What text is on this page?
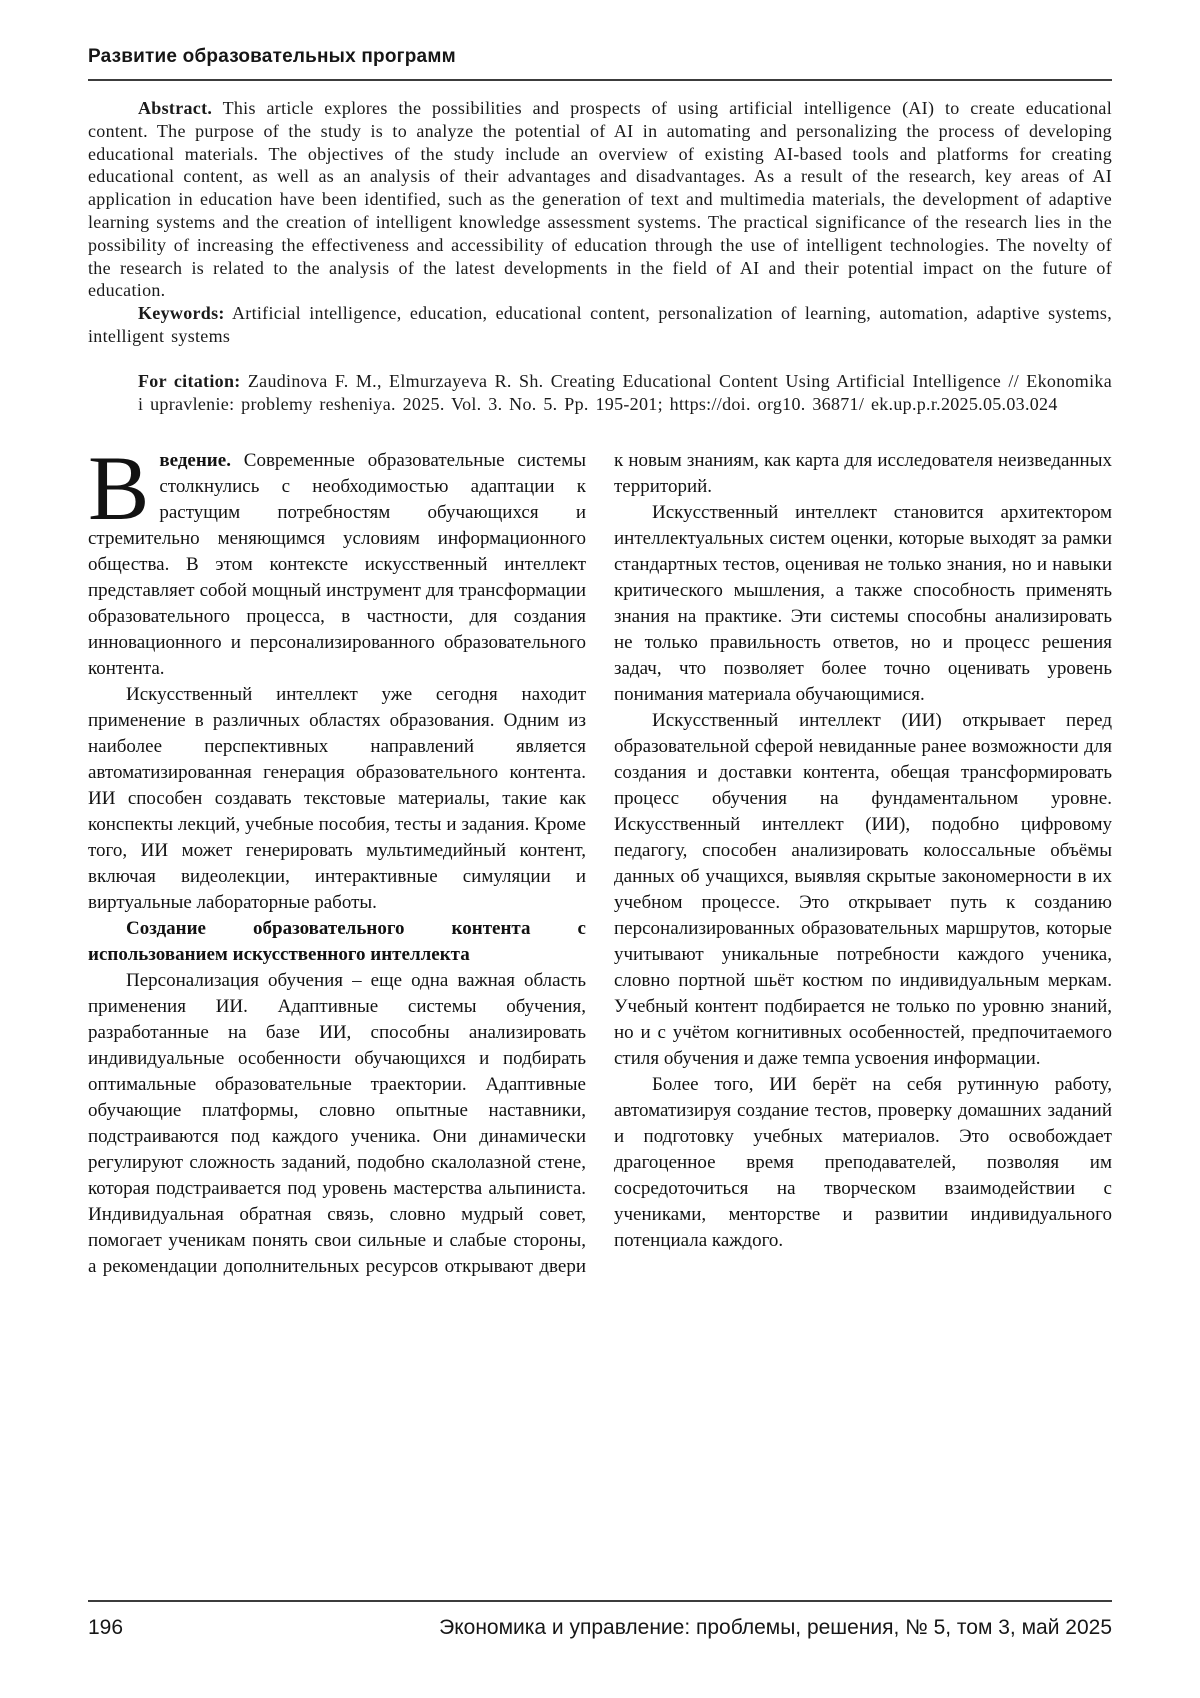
Развитие образовательных программ

Abstract. This article explores the possibilities and prospects of using artificial intelligence (AI) to create educational content. The purpose of the study is to analyze the potential of AI in automating and personalizing the process of developing educational materials. The objectives of the study include an overview of existing AI-based tools and platforms for creating educational content, as well as an analysis of their advantages and disadvantages. As a result of the research, key areas of AI application in education have been identified, such as the generation of text and multimedia materials, the development of adaptive learning systems and the creation of intelligent knowledge assessment systems. The practical significance of the research lies in the possibility of increasing the effectiveness and accessibility of education through the use of intelligent technologies. The novelty of the research is related to the analysis of the latest developments in the field of AI and their potential impact on the future of education.

Keywords: Artificial intelligence, education, educational content, personalization of learning, automation, adaptive systems, intelligent systems

For citation: Zaudinova F. M., Elmurzayeva R. Sh. Creating Educational Content Using Artificial Intelligence // Ekonomika i upravlenie: problemy resheniya. 2025. Vol. 3. No. 5. Pp. 195-201; https://doi. org10. 36871/ ek.up.p.r.2025.05.03.024

Введение. Современные образовательные системы столкнулись с необходимостью адаптации к растущим потребностям обучающихся и стремительно меняющимся условиям информационного общества. В этом контексте искусственный интеллект представляет собой мощный инструмент для трансформации образовательного процесса, в частности, для создания инновационного и персонализированного образовательного контента.

Искусственный интеллект уже сегодня находит применение в различных областях образования. Одним из наиболее перспективных направлений является автоматизированная генерация образовательного контента. ИИ способен создавать текстовые материалы, такие как конспекты лекций, учебные пособия, тесты и задания. Кроме того, ИИ может генерировать мультимедийный контент, включая видеолекции, интерактивные симуляции и виртуальные лабораторные работы.

Создание образовательного контента с использованием искусственного интеллекта

Персонализация обучения – еще одна важная область применения ИИ. Адаптивные системы обучения, разработанные на базе ИИ, способны анализировать индивидуальные особенности обучающихся и подбирать оптимальные образовательные траектории. Адаптивные обучающие платформы, словно опытные наставники, подстраиваются под каждого ученика. Они динамически регулируют сложность заданий, подобно скалолазной стене, которая подстраивается под уровень мастерства альпиниста. Индивидуальная обратная связь, словно мудрый совет, помогает ученикам понять свои сильные и слабые стороны, а рекомендации дополнительных ресурсов открывают двери к новым знаниям, как карта для исследователя неизведанных территорий.

Искусственный интеллект становится архитектором интеллектуальных систем оценки, которые выходят за рамки стандартных тестов, оценивая не только знания, но и навыки критического мышления, а также способность применять знания на практике. Эти системы способны анализировать не только правильность ответов, но и процесс решения задач, что позволяет более точно оценивать уровень понимания материала обучающимися.

Искусственный интеллект (ИИ) открывает перед образовательной сферой невиданные ранее возможности для создания и доставки контента, обещая трансформировать процесс обучения на фундаментальном уровне. Искусственный интеллект (ИИ), подобно цифровому педагогу, способен анализировать колоссальные объёмы данных об учащихся, выявляя скрытые закономерности в их учебном процессе. Это открывает путь к созданию персонализированных образовательных маршрутов, которые учитывают уникальные потребности каждого ученика, словно портной шьёт костюм по индивидуальным меркам. Учебный контент подбирается не только по уровню знаний, но и с учётом когнитивных особенностей, предпочитаемого стиля обучения и даже темпа усвоения информации.

Более того, ИИ берёт на себя рутинную работу, автоматизируя создание тестов, проверку домашних заданий и подготовку учебных материалов. Это освобождает драгоценное время преподавателей, позволяя им сосредоточиться на творческом взаимодействии с учениками, менторстве и развитии индивидуального потенциала каждого.

196	Экономика и управление: проблемы, решения, № 5, том 3, май 2025
